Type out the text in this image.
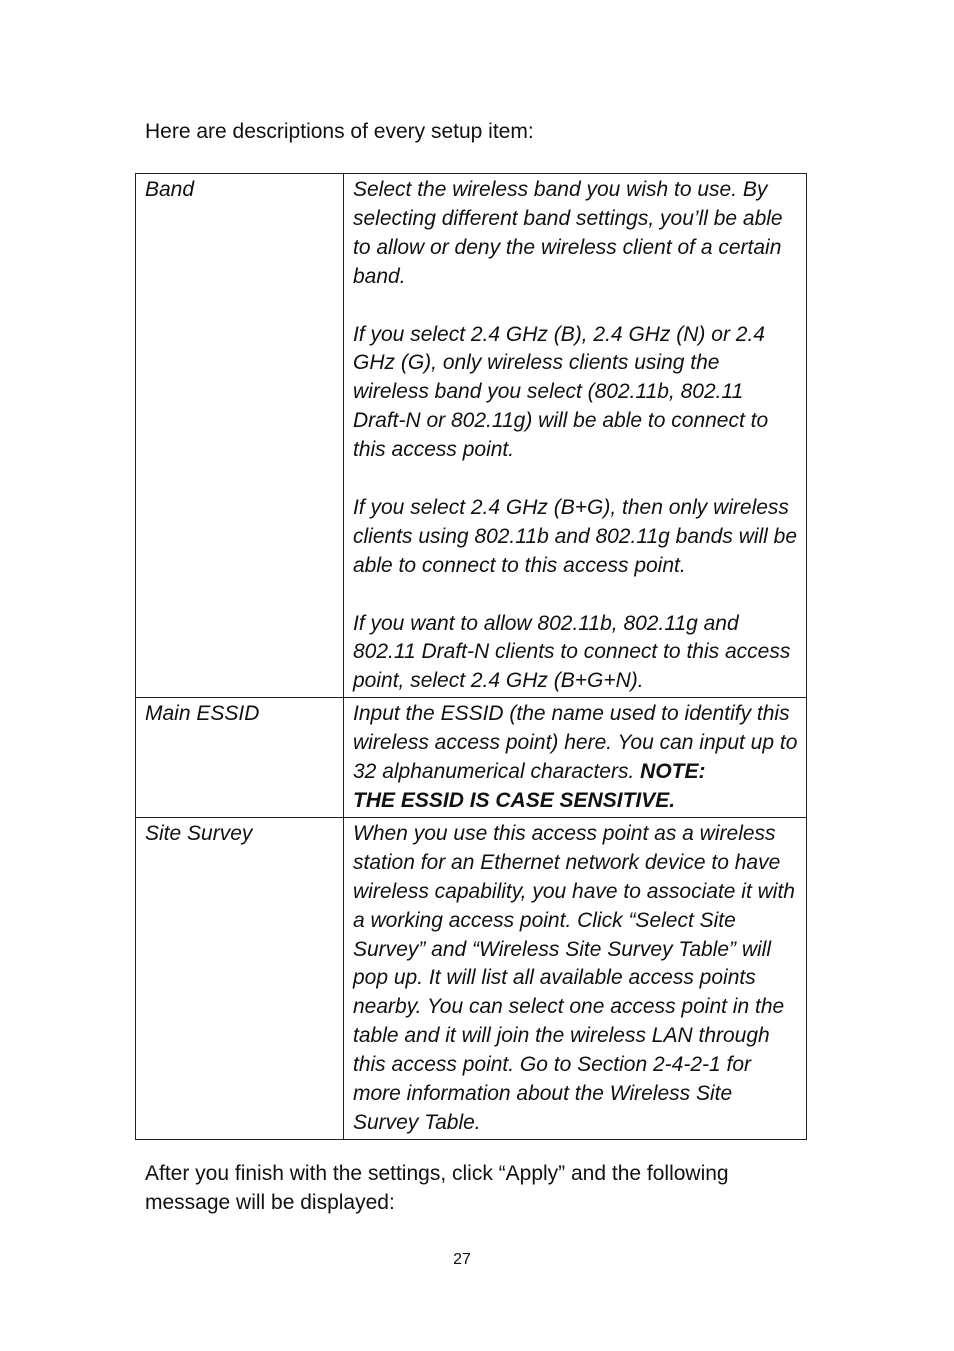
Here are descriptions of every setup item:

Band	Select the wireless band you wish to use. By selecting different band settings, you’ll be able to allow or deny the wireless client of a certain band.
If you select 2.4 GHz (B), 2.4 GHz (N) or 2.4 GHz (G), only wireless clients using the wireless band you select (802.11b, 802.11 Draft-N or 802.11g) will be able to connect to this access point.
If you select 2.4 GHz (B+G), then only wireless clients using 802.11b and 802.11g bands will be able to connect to this access point.
If you want to allow 802.11b, 802.11g and 802.11 Draft-N clients to connect to this access point, select 2.4 GHz (B+G+N).

Main ESSID	Input the ESSID (the name used to identify this wireless access point) here. You can input up to 32 alphanumerical characters. NOTE:
THE ESSID IS CASE SENSITIVE.
Site Survey	When you use this access point as a wireless station for an Ethernet network device to have wireless capability, you have to associate it with a working access point. Click “Select Site Survey” and “Wireless Site Survey Table” will pop up. It will list all available access points nearby. You can select one access point in the table and it will join the wireless LAN through this access point. Go to Section 2-4-2-1 for more information about the Wireless Site Survey Table.

After you finish with the settings, click “Apply” and the following message will be displayed:

27
